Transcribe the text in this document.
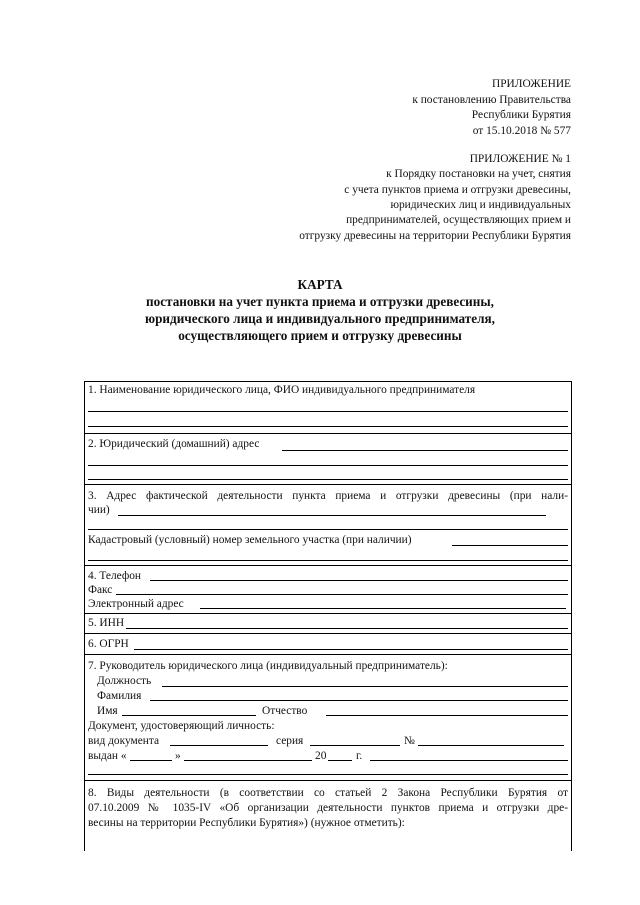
ПРИЛОЖЕНИЕ
к постановлению Правительства
Республики Бурятия
от 15.10.2018 № 577
ПРИЛОЖЕНИЕ № 1
к Порядку постановки на учет, снятия
с учета пунктов приема и отгрузки древесины,
юридических лиц и индивидуальных
предпринимателей, осуществляющих прием и
отгрузку древесины на территории Республики Бурятия
КАРТА
постановки на учет пункта приема и отгрузки древесины,
юридического лица и индивидуального предпринимателя,
осуществляющего прием и отгрузку древесины
1. Наименование юридического лица, ФИО индивидуального предпринимателя
2. Юридический (домашний) адрес
3. Адрес фактической деятельности пункта приема и отгрузки древесины (при нали-
чии)
Кадастровый (условный) номер земельного участка (при наличии)
4. Телефон
Факс
Электронный адрес
5. ИНН
6. ОГРН
7. Руководитель юридического лица (индивидуальный предприниматель):
Должность
Фамилия
Имя	Отчество
Документ, удостоверяющий личность:
вид документа	серия	№
выдан «	»	20	г.
8. Виды деятельности (в соответствии со статьей 2 Закона Республики Бурятия от
07.10.2009 № 1035-IV «Об организации деятельности пунктов приема и отгрузки дре-
весины на территории Республики Бурятия») (нужное отметить):
